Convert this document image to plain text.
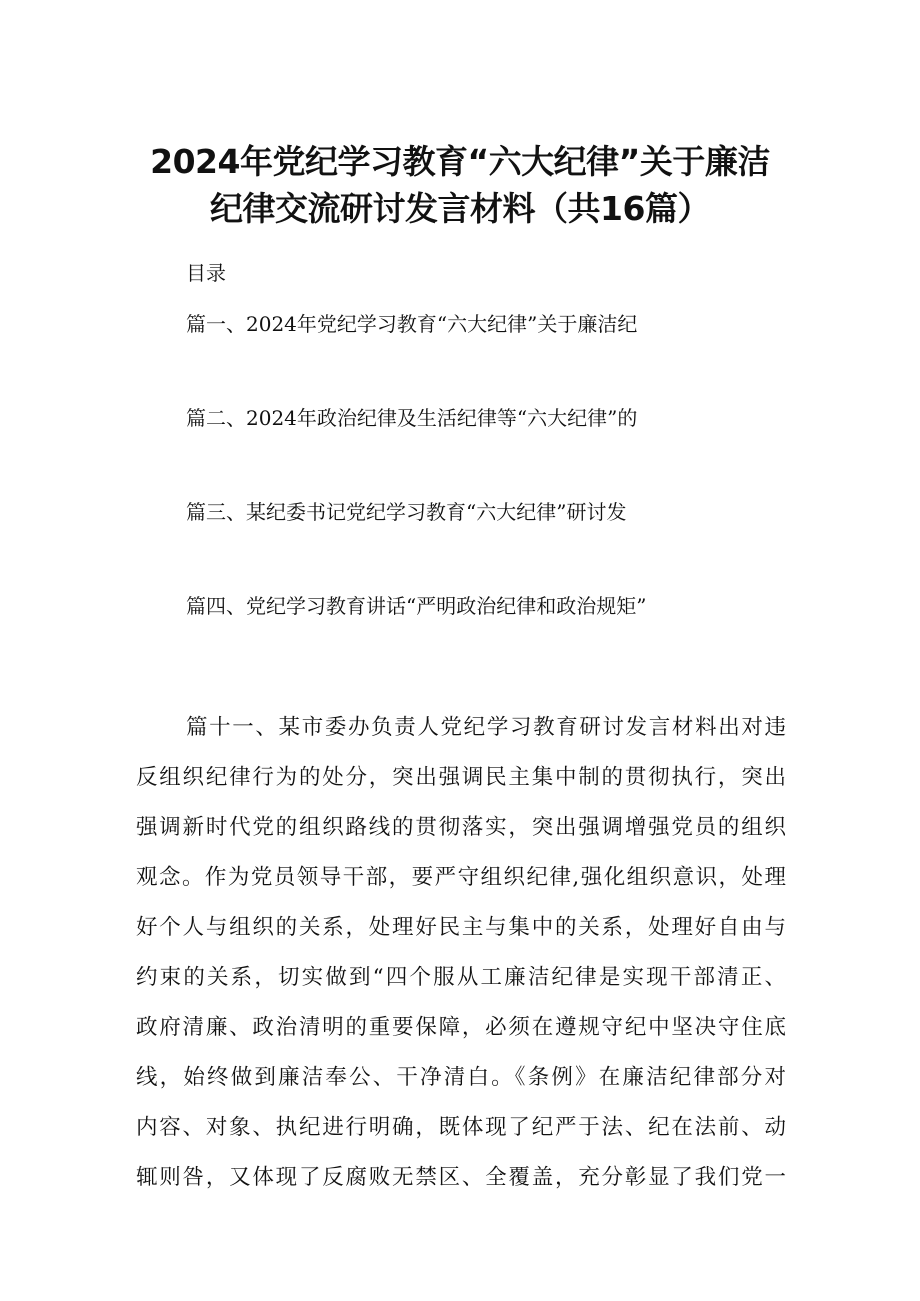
2024年党纪学习教育“六大纪律”关于廉洁
纪律交流研讨发言材料（共16篇）
目录
篇一、2024年党纪学习教育“六大纪律”关于廉洁纪
篇二、2024年政治纪律及生活纪律等“六大纪律”的
篇三、某纪委书记党纪学习教育“六大纪律”研讨发
篇四、党纪学习教育讲话“严明政治纪律和政治规矩”
篇十一、某市委办负责人党纪学习教育研讨发言材料出对违
反组织纪律行为的处分，突出强调民主集中制的贯彻执行，突出
强调新时代党的组织路线的贯彻落实，突出强调增强党员的组织
观念。作为党员领导干部，要严守组织纪律,强化组织意识，处理
好个人与组织的关系，处理好民主与集中的关系，处理好自由与
约束的关系，切实做到“四个服从工廉洁纪律是实现干部清正、
政府清廉、政治清明的重要保障，必须在遵规守纪中坚决守住底
线，始终做到廉洁奉公、干净清白。《条例》在廉洁纪律部分对
内容、对象、执纪进行明确，既体现了纪严于法、纪在法前、动
辄则咎，又体现了反腐败无禁区、全覆盖，充分彰显了我们党一
